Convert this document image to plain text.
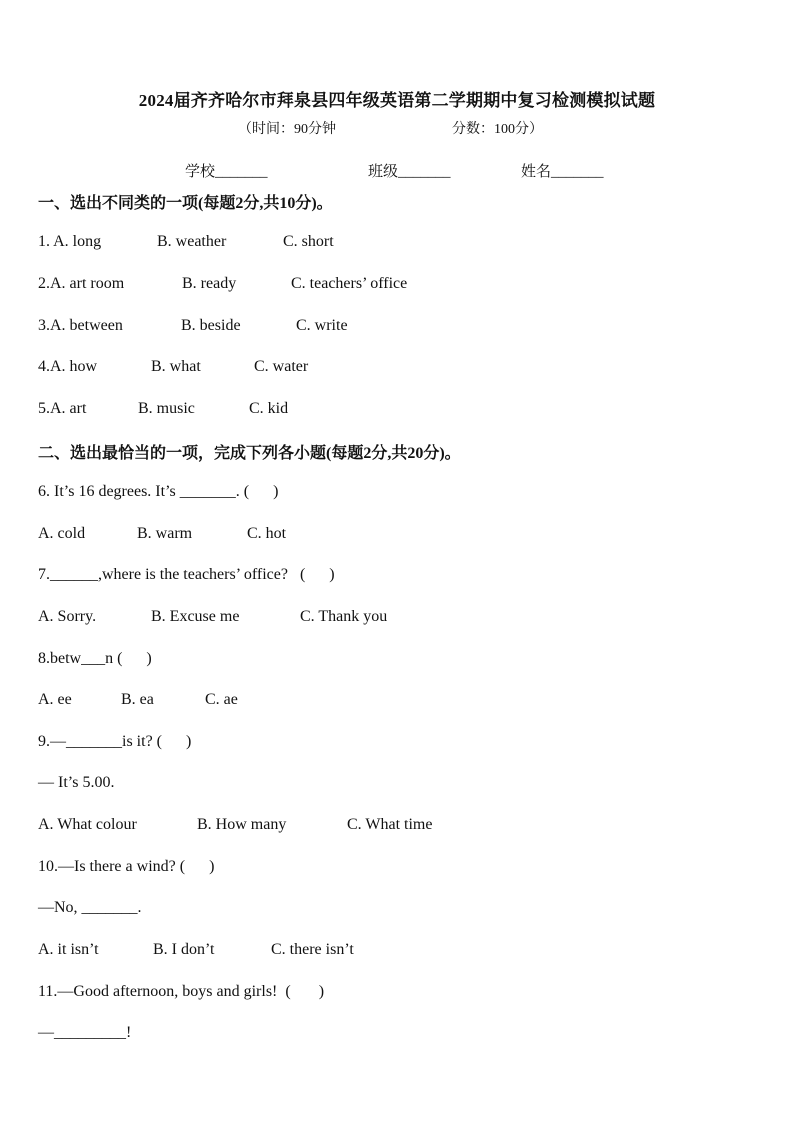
2024届齐齐哈尔市拜泉县四年级英语第二学期期中复习检测模拟试题
（时间：90分钟	分数：100分）
学校_______	班级_______	姓名_______
一、选出不同类的一项(每题2分,共10分)。
1. A. long	B. weather	C. short
2.A. art room	B. ready	C. teachers’ office
3.A. between	B. beside	C. write
4.A. how	B. what	C. water
5.A. art	B. music	C. kid
二、选出最恰当的一项，完成下列各小题(每题2分,共20分)。
6. It’s 16 degrees. It’s _______. (      )
A. cold	B. warm	C. hot
7.______,where is the teachers’ office?   (      )
A. Sorry.	B. Excuse me	C. Thank you
8.betw___n (      )
A. ee	B. ea	C. ae
9.—_______is it? (      )
— It’s 5.00.
A. What colour	B. How many	C. What time
10.—Is there a wind? (      )
—No, _______.
A. it isn’t	B. I don’t	C. there isn’t
11.—Good afternoon, boys and girls!  (       )
—_________!
